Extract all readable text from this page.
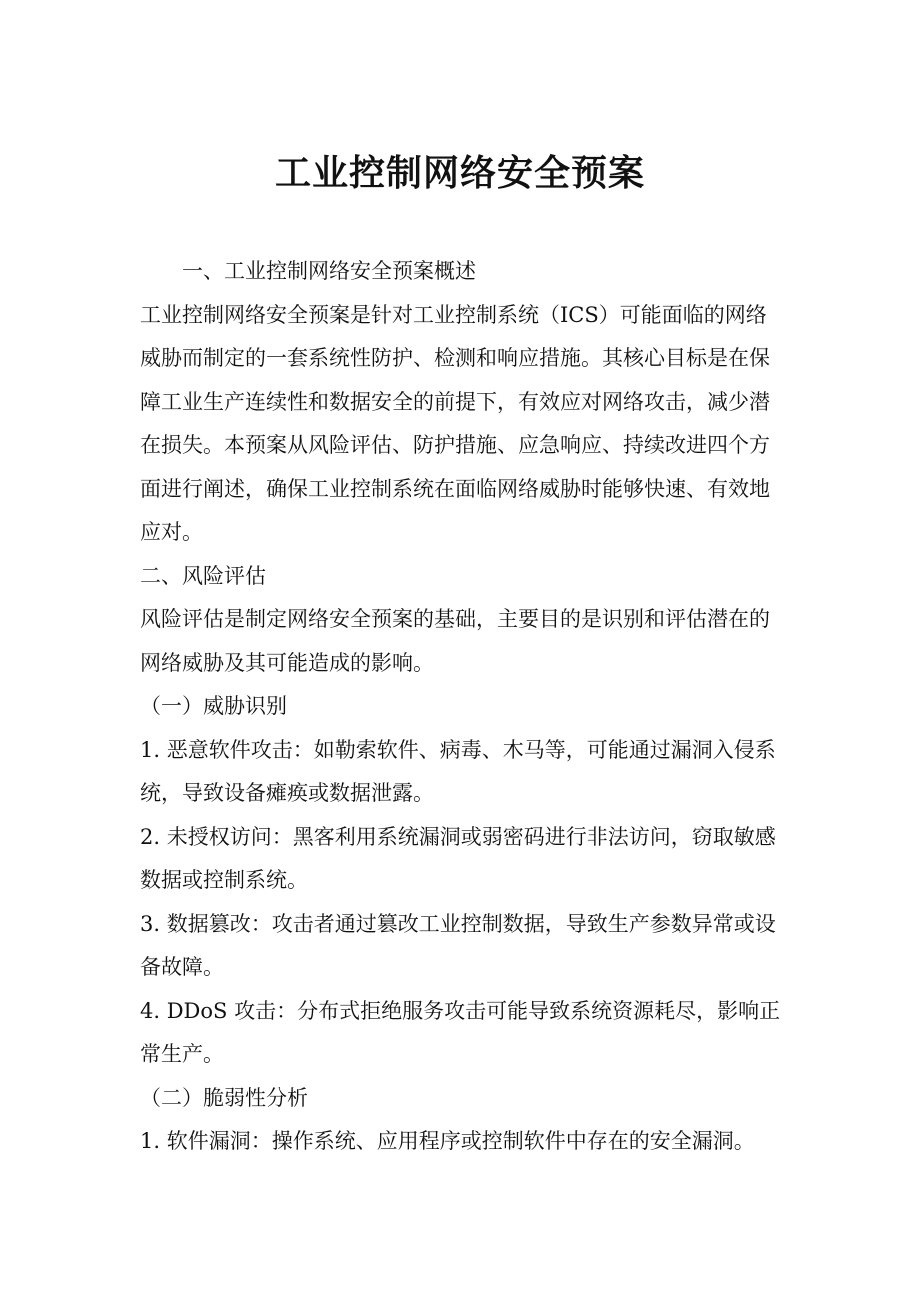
工业控制网络安全预案

一、工业控制网络安全预案概述

工业控制网络安全预案是针对工业控制系统（ICS）可能面临的网络威胁而制定的一套系统性防护、检测和响应措施。其核心目标是在保障工业生产连续性和数据安全的前提下，有效应对网络攻击，减少潜在损失。本预案从风险评估、防护措施、应急响应、持续改进四个方面进行阐述，确保工业控制系统在面临网络威胁时能够快速、有效地应对。

二、风险评估

风险评估是制定网络安全预案的基础，主要目的是识别和评估潜在的网络威胁及其可能造成的影响。

（一）威胁识别

1. 恶意软件攻击：如勒索软件、病毒、木马等，可能通过漏洞入侵系统，导致设备瘫痪或数据泄露。

2. 未授权访问：黑客利用系统漏洞或弱密码进行非法访问，窃取敏感数据或控制系统。

3. 数据篡改：攻击者通过篡改工业控制数据，导致生产参数异常或设备故障。

4. DDoS 攻击：分布式拒绝服务攻击可能导致系统资源耗尽，影响正常生产。

（二）脆弱性分析

1. 软件漏洞：操作系统、应用程序或控制软件中存在的安全漏洞。
